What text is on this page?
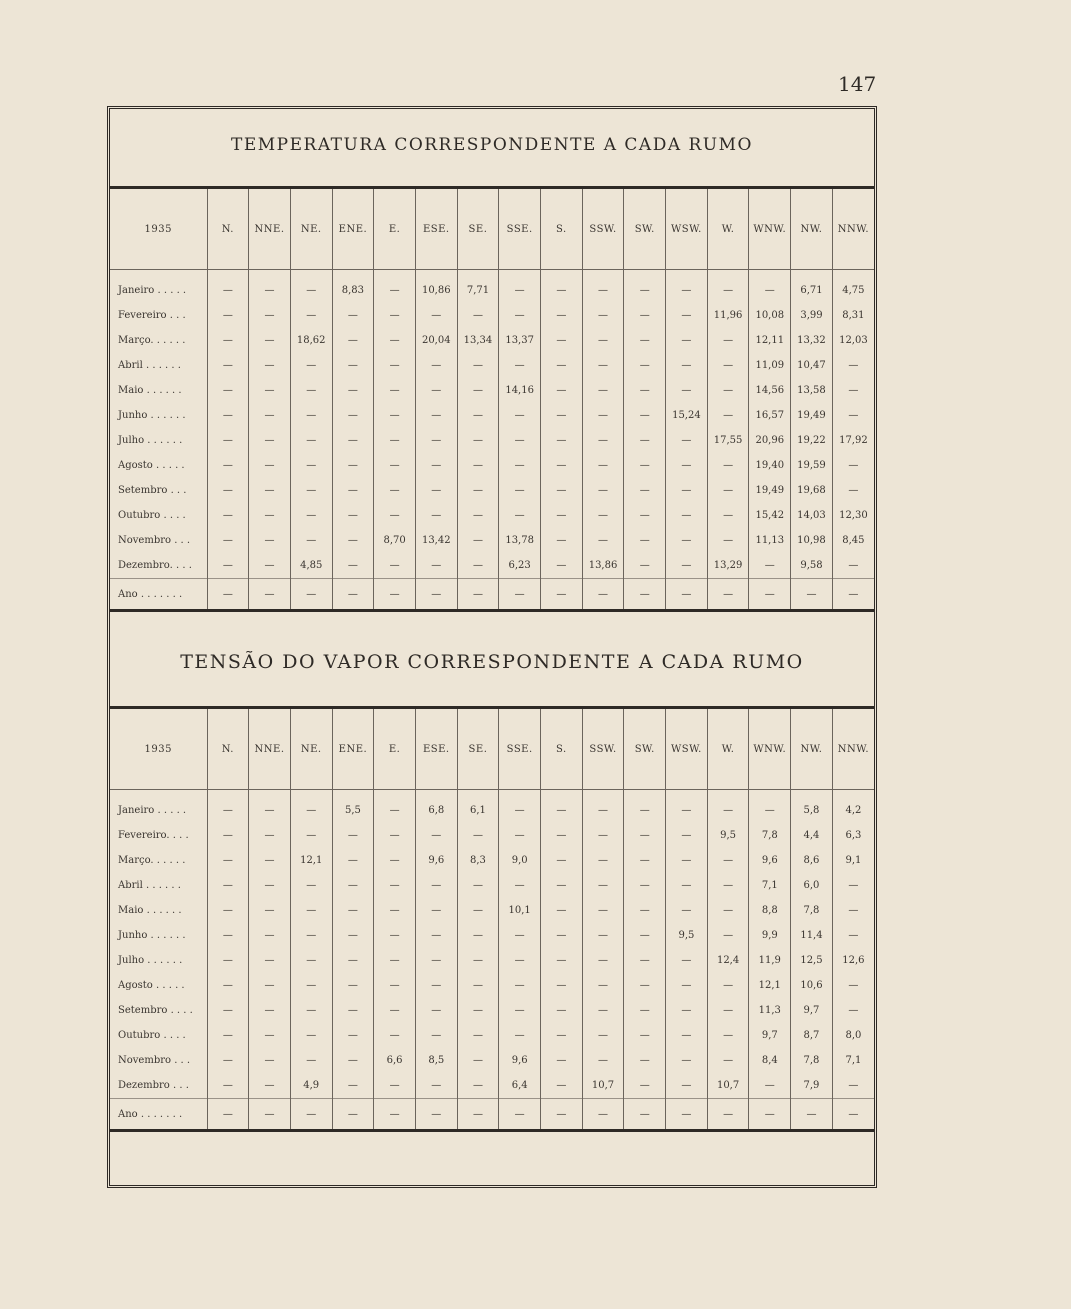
147
TEMPERATURA CORRESPONDENTE A CADA RUMO
1935	N.	NNE.	NE.	ENE.	E.	ESE.	SE.	SSE.	S.	SSW.	SW.	WSW.	W.	WNW.	NW.	NNW.

Janeiro . . . . .	—	—	—	8,83	—	10,86	7,71	—	—	—	—	—	—	—	6,71	4,75
Fevereiro . . .	—	—	—	—	—	—	—	—	—	—	—	—	11,96	10,08	3,99	8,31
Março. . . . . .	—	—	18,62	—	—	20,04	13,34	13,37	—	—	—	—	—	12,11	13,32	12,03
Abril . . . . . .	—	—	—	—	—	—	—	—	—	—	—	—	—	11,09	10,47	—
Maio . . . . . .	—	—	—	—	—	—	—	14,16	—	—	—	—	—	14,56	13,58	—
Junho . . . . . .	—	—	—	—	—	—	—	—	—	—	—	15,24	—	16,57	19,49	—
Julho . . . . . .	—	—	—	—	—	—	—	—	—	—	—	—	17,55	20,96	19,22	17,92
Agosto . . . . .	—	—	—	—	—	—	—	—	—	—	—	—	—	19,40	19,59	—
Setembro . . .	—	—	—	—	—	—	—	—	—	—	—	—	—	19,49	19,68	—
Outubro . . . .	—	—	—	—	—	—	—	—	—	—	—	—	—	15,42	14,03	12,30
Novembro . . .	—	—	—	—	8,70	13,42	—	13,78	—	—	—	—	—	11,13	10,98	8,45
Dezembro. . . .	—	—	4,85	—	—	—	—	6,23	—	13,86	—	—	13,29	—	9,58	—
Ano . . . . . . .	—	—	—	—	—	—	—	—	—	—	—	—	—	—	—	—
TENSÃO DO VAPOR CORRESPONDENTE A CADA RUMO
1935	N.	NNE.	NE.	ENE.	E.	ESE.	SE.	SSE.	S.	SSW.	SW.	WSW.	W.	WNW.	NW.	NNW.

Janeiro . . . . .	—	—	—	5,5	—	6,8	6,1	—	—	—	—	—	—	—	5,8	4,2
Fevereiro. . . .	—	—	—	—	—	—	—	—	—	—	—	—	9,5	7,8	4,4	6,3
Março. . . . . .	—	—	12,1	—	—	9,6	8,3	9,0	—	—	—	—	—	9,6	8,6	9,1
Abril . . . . . .	—	—	—	—	—	—	—	—	—	—	—	—	—	7,1	6,0	—
Maio . . . . . .	—	—	—	—	—	—	—	10,1	—	—	—	—	—	8,8	7,8	—
Junho . . . . . .	—	—	—	—	—	—	—	—	—	—	—	9,5	—	9,9	11,4	—
Julho . . . . . .	—	—	—	—	—	—	—	—	—	—	—	—	12,4	11,9	12,5	12,6
Agosto . . . . .	—	—	—	—	—	—	—	—	—	—	—	—	—	12,1	10,6	—
Setembro . . . .	—	—	—	—	—	—	—	—	—	—	—	—	—	11,3	9,7	—
Outubro . . . .	—	—	—	—	—	—	—	—	—	—	—	—	—	9,7	8,7	8,0
Novembro . . .	—	—	—	—	6,6	8,5	—	9,6	—	—	—	—	—	8,4	7,8	7,1
Dezembro . . .	—	—	4,9	—	—	—	—	6,4	—	10,7	—	—	10,7	—	7,9	—
Ano . . . . . . .	—	—	—	—	—	—	—	—	—	—	—	—	—	—	—	—
